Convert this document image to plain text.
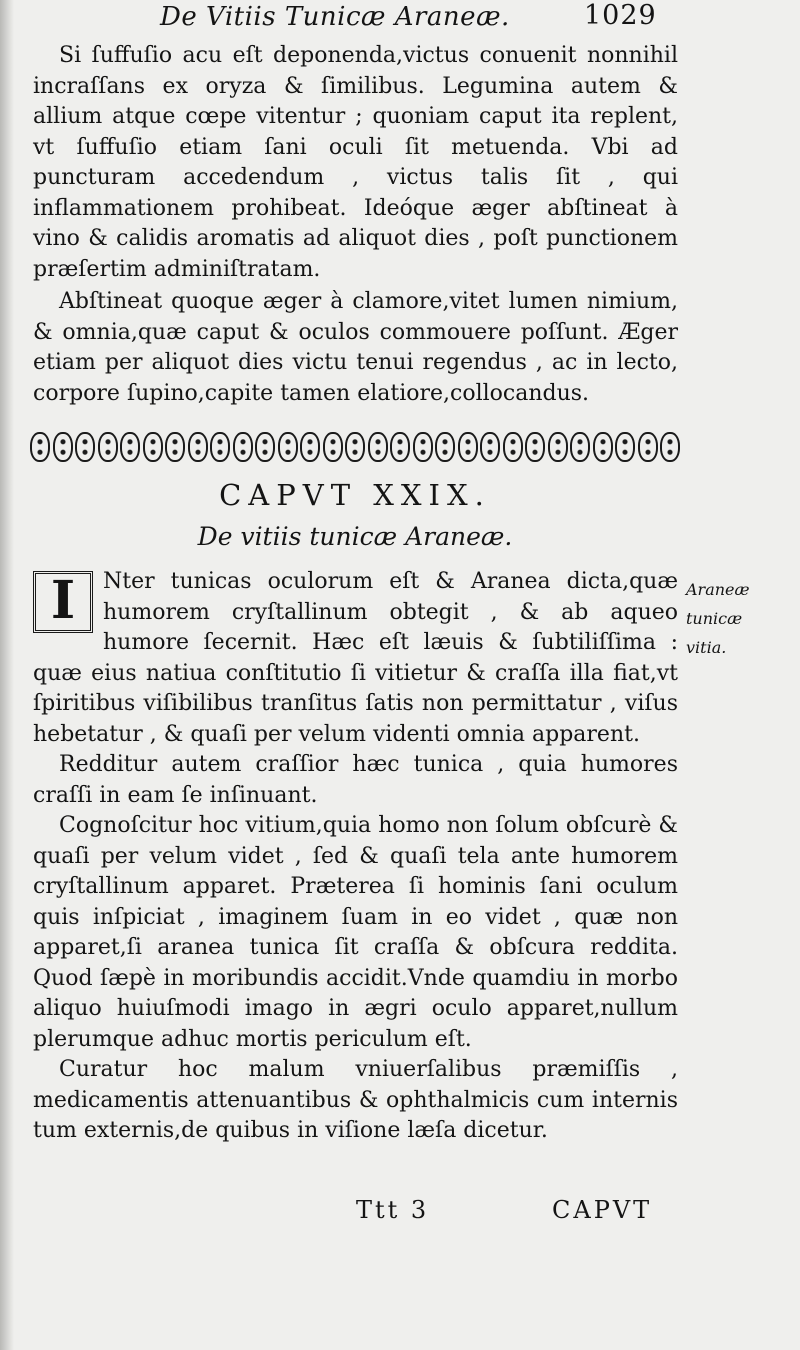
De Vitiis Tunicæ Araneæ.	1029
Si ſuffuſio acu eſt deponenda,victus conuenit nonnihil incraſſans ex oryza & ſimilibus. Legumina autem & allium atque cœpe vitentur ; quoniam caput ita replent, vt ſuffuſio etiam ſani oculi ſit metuenda. Vbi ad puncturam accedendum , victus talis ſit , qui inflammationem prohibeat. Ideóque æger abſtineat à vino & calidis aromatis ad aliquot dies , poſt punctionem præſertim adminiſtratam.
Abſtineat quoque æger à clamore,vitet lumen nimium, & omnia,quæ caput & oculos commouere poſſunt. Æger etiam per aliquot dies victu tenui regendus , ac in lecto, corpore ſupino,capite tamen elatiore,collocandus.
CAPVT XXIX.
De vitiis tunicæ Araneæ.

I	Nter tunicas oculorum eſt & Aranea dicta,quæ humorem cryſtallinum obtegit , & ab aqueo humore ſecernit. Hæc eſt læuis & ſubtiliſſima : quæ eius natiua conſtitutio ſi vitietur & craſſa illa fiat,vt ſpiritibus viſibilibus tranſitus ſatis non permittatur , viſus hebetatur , & quaſi per velum videnti omnia apparent.

Redditur autem craſſior hæc tunica , quia humores craſſi in eam ſe inſinuant.

Cognoſcitur hoc vitium,quia homo non ſolum obſcurè & quaſi per velum videt , ſed & quaſi tela ante humorem cryſtallinum apparet. Præterea ſi hominis ſani oculum quis inſpiciat , imaginem ſuam in eo videt , quæ non apparet,ſi aranea tunica ſit craſſa & obſcura reddita. Quod ſæpè in moribundis accidit.Vnde quamdiu in morbo aliquo huiuſmodi imago in ægri oculo apparet,nullum plerumque adhuc mortis periculum eſt.

Curatur hoc malum vniuerſalibus præmiſſis , medicamentis attenuantibus & ophthalmicis cum internis tum externis,de quibus in viſione læſa dicetur.

Araneæ
tunicæ
vitia.
Ttt 3	CAPVT
